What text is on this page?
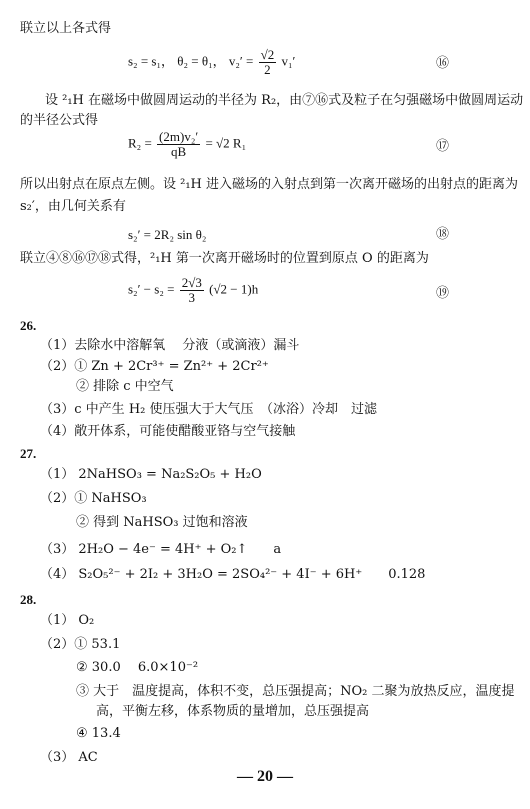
联立以上各式得
s₂ = s₁， θ₂ = θ₁， $v_2' = \frac{√2}{2} v_1'$	⑯
设 ²₁H 在磁场中做圆周运动的半径为 R₂，由⑦⑯式及粒子在匀强磁场中做圆周运动
的半径公式得
$R_2 = \frac{\text{(2m)v₂′}}{qB} = √2$ R₁	⑰
所以出射点在原点左侧。设 ²₁H 进入磁场的入射点到第一次离开磁场的出射点的距离为
s₂′，由几何关系有
s₂′ = 2R₂ sin θ₂	⑱
联立④⑧⑯⑰⑱式得，²₁H 第一次离开磁场时的位置到原点 O 的距离为
$s_2' - s_2 = \frac{2√3}{3} (√2 - 1)h$	⑲
26.
（1）去除水中溶解氧　 分液（或滴液）漏斗
（2）① Zn + 2Cr³⁺ = Zn²⁺ + 2Cr²⁺
② 排除 c 中空气
（3）c 中产生 H₂ 使压强大于大气压　（冰浴）冷却　过滤
（4）敞开体系，可能使醋酸亚铬与空气接触
27.
（1） 2NaHSO₃ = Na₂S₂O₅ + H₂O
（2）① NaHSO₃
② 得到 NaHSO₃ 过饱和溶液
（3） 2H₂O − 4e⁻ = 4H⁺ + O₂↑　　a
（4） S₂O₅²⁻ + 2I₂ + 3H₂O = 2SO₄²⁻ + 4I⁻ + 6H⁺　　0.128
28.
（1） O₂
（2）① 53.1
② 30.0　 6.0×10⁻²
③ 大于　温度提高，体积不变，总压强提高；NO₂ 二聚为放热反应，温度提
高，平衡左移，体系物质的量增加，总压强提高
④ 13.4
（3） AC
— 20 —
